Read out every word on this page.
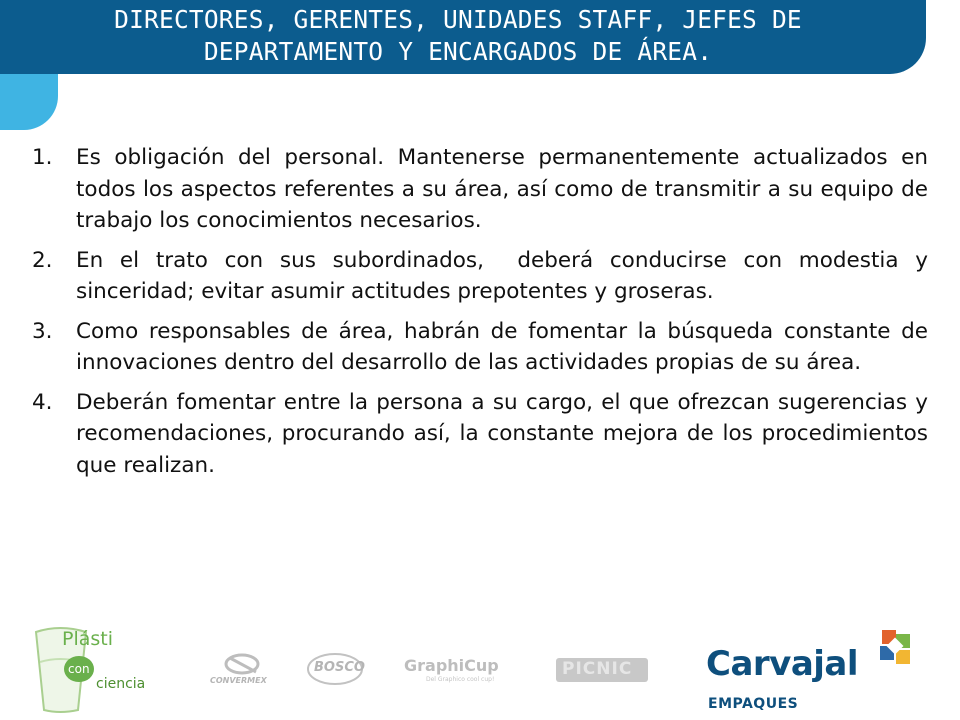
DIRECTORES, GERENTES, UNIDADES STAFF, JEFES DE
DEPARTAMENTO Y ENCARGADOS DE ÁREA.
1. Es obligación del personal. Mantenerse permanentemente actualizados en todos los aspectos referentes a su área, así como de transmitir a su equipo de trabajo los conocimientos necesarios.
2. En el trato con sus subordinados,  deberá conducirse con modestia y sinceridad; evitar asumir actitudes prepotentes y groseras.
3. Como responsables de área, habrán de fomentar la búsqueda constante de innovaciones dentro del desarrollo de las actividades propias de su área.
4. Deberán fomentar entre la persona a su cargo, el que ofrezcan sugerencias y recomendaciones, procurando así, la constante mejora de los procedimientos que realizan.
Plásti
con
ciencia	CONVERMEX
BOSCO GraphiCup
Del Graphico cool cup!
PICNIC Carvajal
EMPAQUES
